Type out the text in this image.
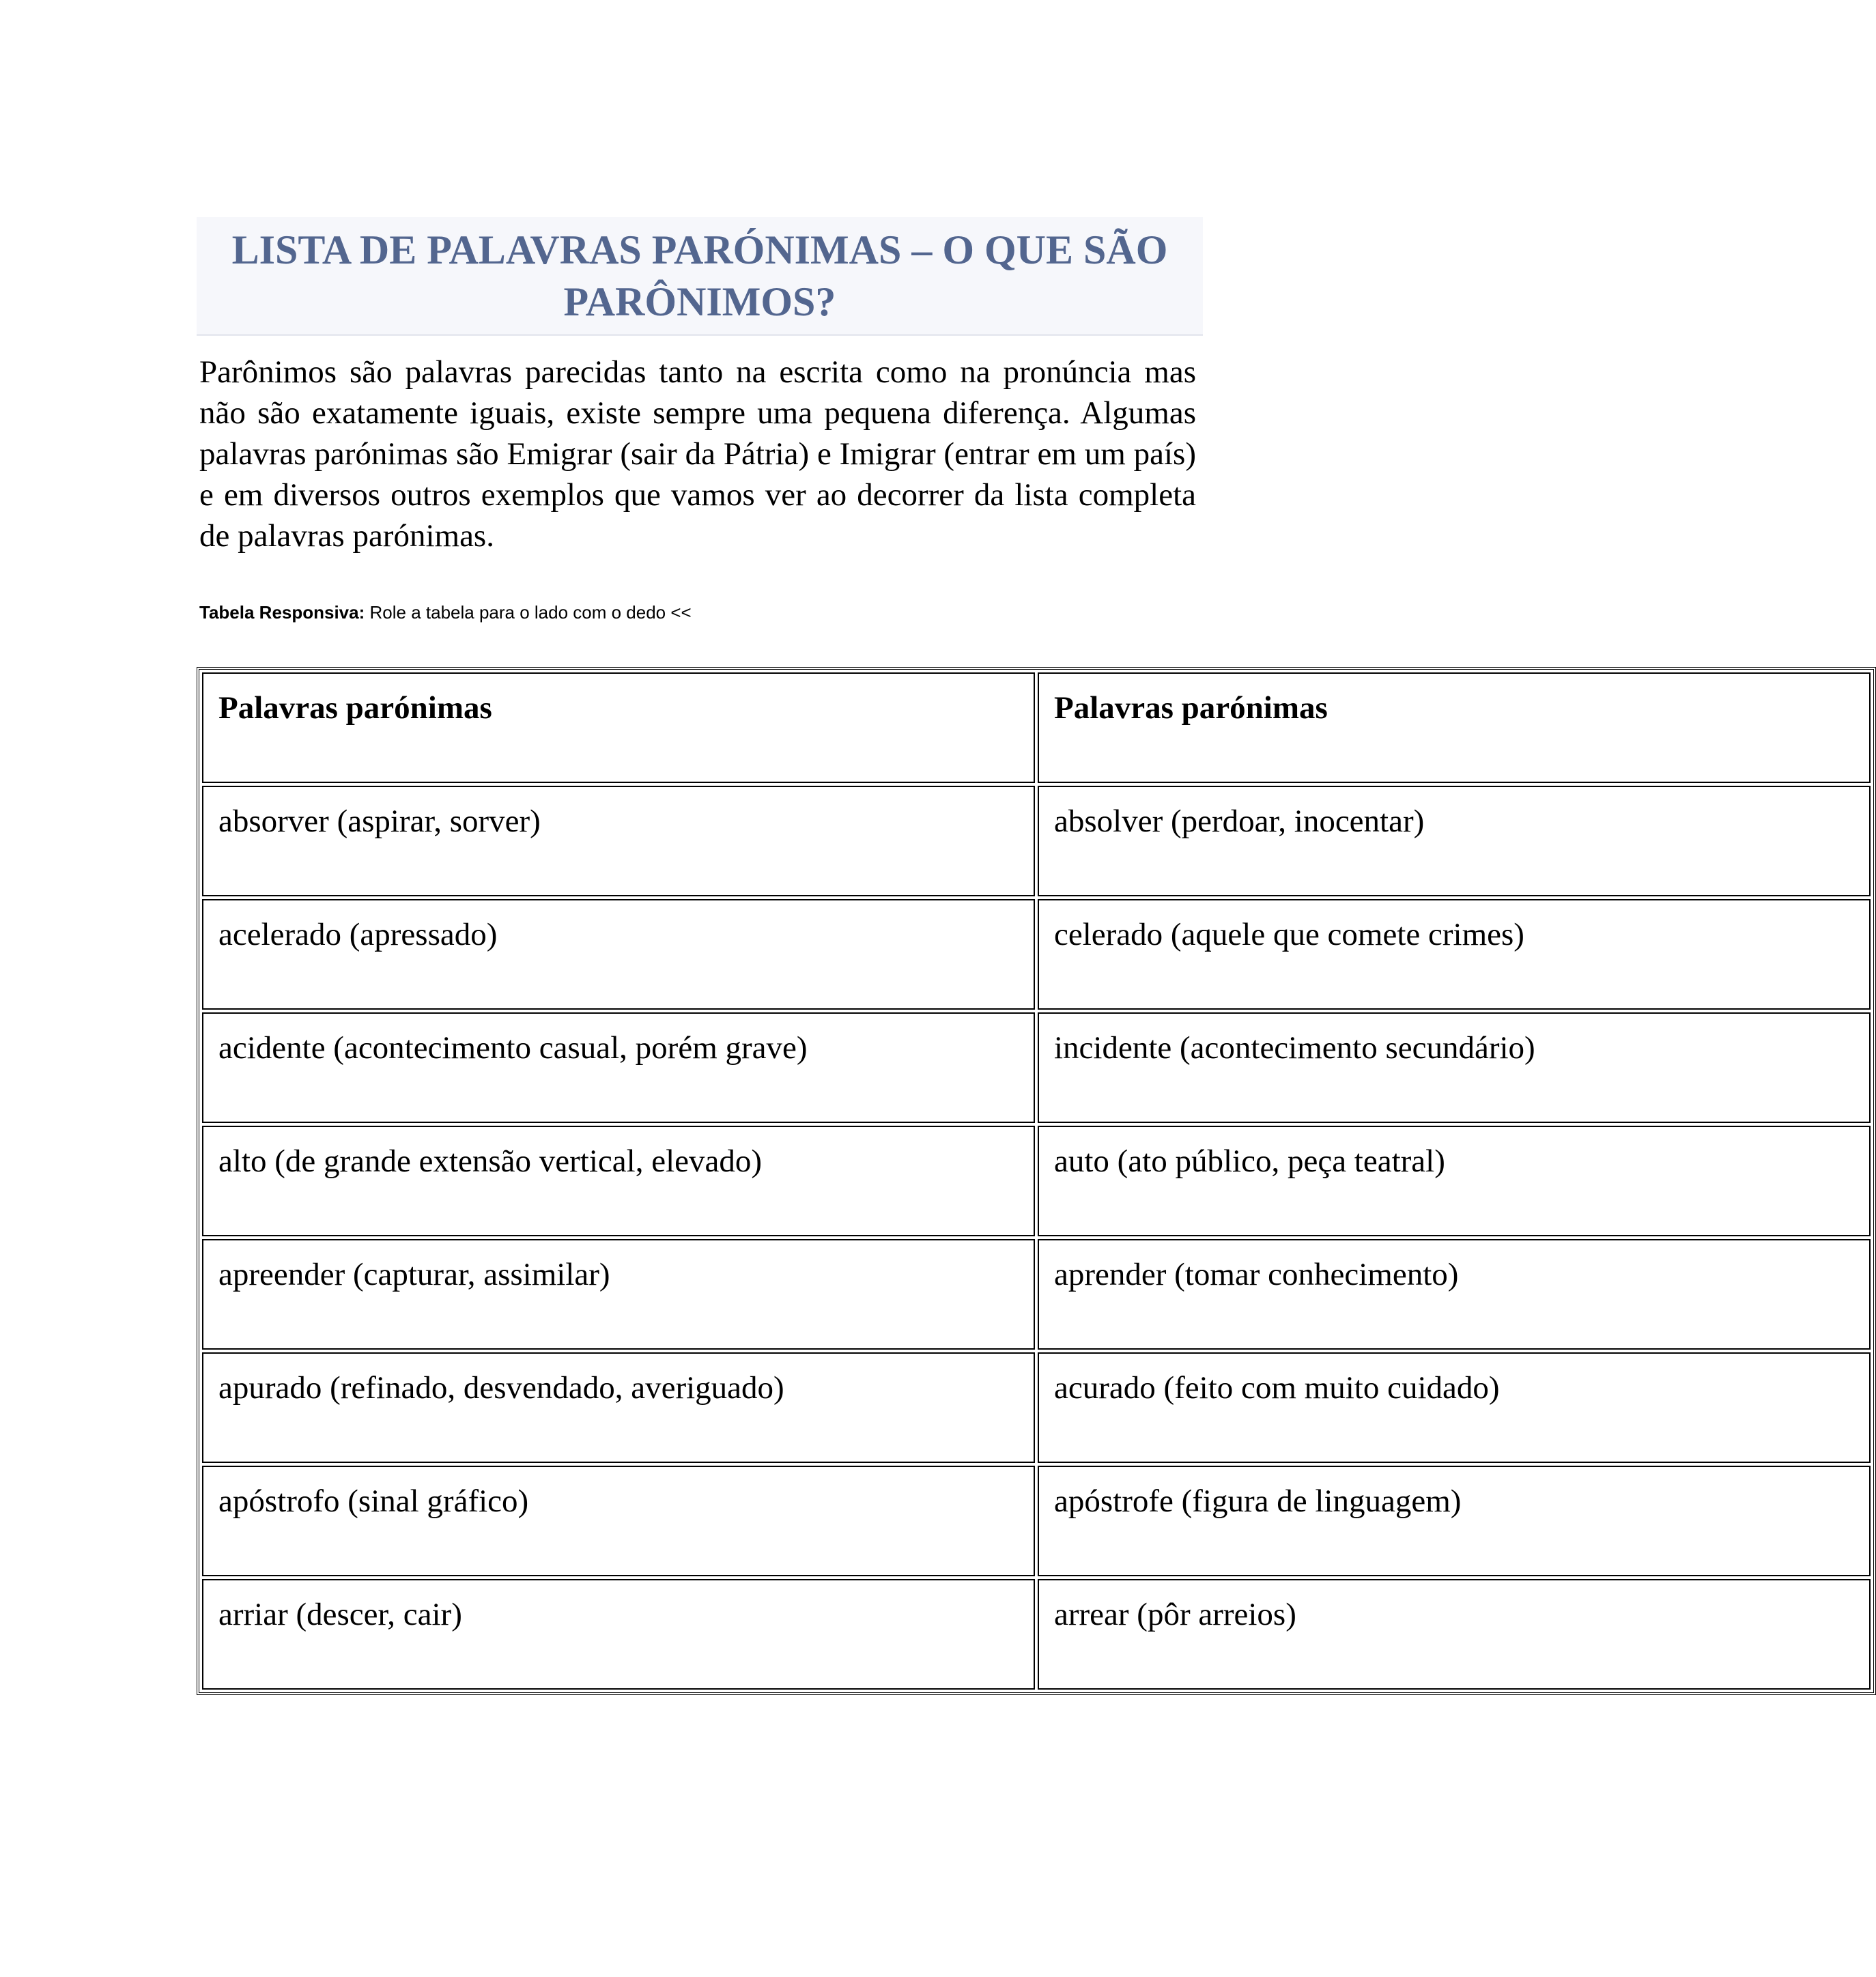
LISTA DE PALAVRAS PARÓNIMAS – O QUE SÃO PARÔNIMOS?

Parônimos são palavras parecidas tanto na escrita como na pronúncia mas não são exatamente iguais, existe sempre uma pequena diferença. Algumas palavras parónimas são Emigrar (sair da Pátria) e Imigrar (entrar em um país) e em diversos outros exemplos que vamos ver ao decorrer da lista completa de palavras parónimas.

Tabela Responsiva: Role a tabela para o lado com o dedo <<

Palavras parónimas	Palavras parónimas
absorver (aspirar, sorver)	absolver (perdoar, inocentar)
acelerado (apressado)	celerado (aquele que comete crimes)
acidente (acontecimento casual, porém grave)	incidente (acontecimento secundário)
alto (de grande extensão vertical, elevado)	auto (ato público, peça teatral)
apreender (capturar, assimilar)	aprender (tomar conhecimento)
apurado (refinado, desvendado, averiguado)	acurado (feito com muito cuidado)
apóstrofo (sinal gráfico)	apóstrofe (figura de linguagem)
arriar (descer, cair)	arrear (pôr arreios)
